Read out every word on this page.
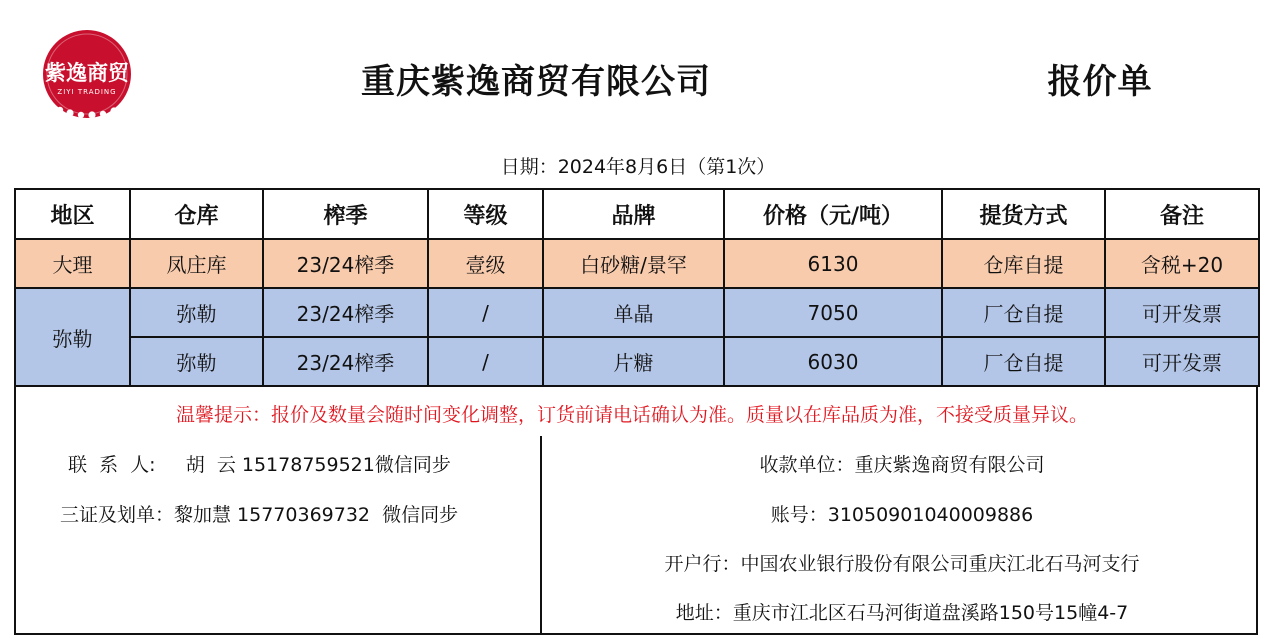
紫逸商贸
ZIYI TRADING	重庆紫逸商贸有限公司	报价单
日期：2024年8月6日（第1次）
地区	仓库	榨季	等级	品牌	价格（元/吨）	提货方式	备注
大理	凤庄库	23/24榨季	壹级	白砂糖/景罕	6130	仓库自提	含税+20
弥勒	弥勒	23/24榨季	/	单晶	7050	厂仓自提	可开发票
	弥勒	23/24榨季	/	片糖	6030	厂仓自提	可开发票
温馨提示：报价及数量会随时间变化调整，订货前请电话确认为准。质量以在库品质为准，不接受质量异议。
联  系  人:     胡  云 15178759521微信同步
三证及划单：黎加慧 15770369732  微信同步
收款单位：重庆紫逸商贸有限公司
账号：31050901040009886
开户行：中国农业银行股份有限公司重庆江北石马河支行
地址：重庆市江北区石马河街道盘溪路150号15幢4-7
